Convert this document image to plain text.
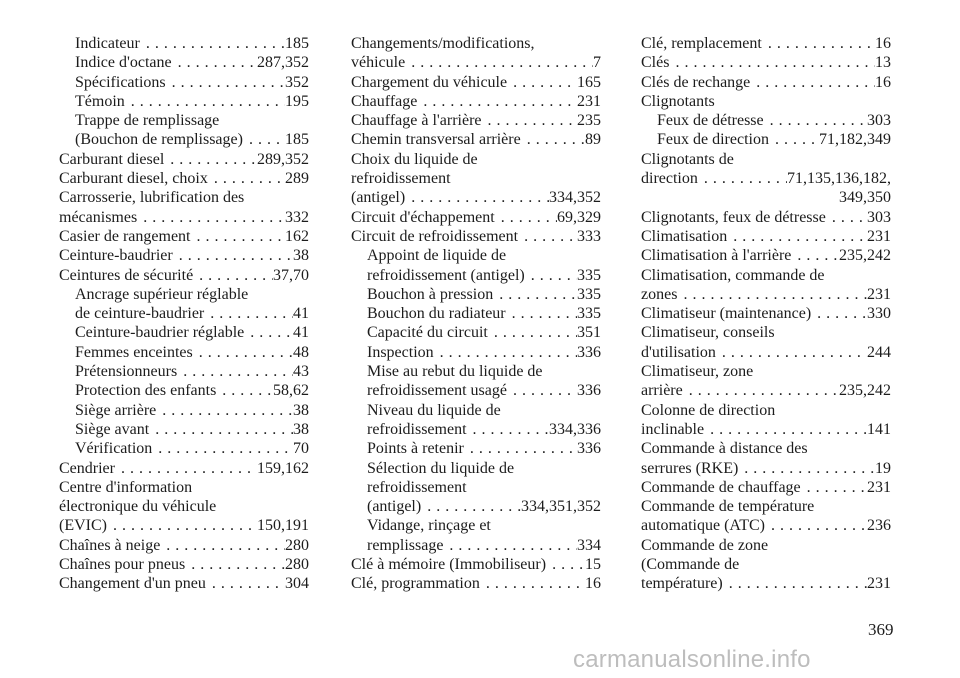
Indicateur . . .	185
Indice d'octane . . .	287,352
Spécifications . . .	352
Témoin . . .	195
Trappe de remplissage
(Bouchon de remplissage) . . .	185
Carburant diesel . . .	289,352
Carburant diesel, choix . . .	289
Carrosserie, lubrification des
mécanismes . . .	332
Casier de rangement . . .	162
Ceinture-baudrier . . .	38
Ceintures de sécurité . . .	37,70
Ancrage supérieur réglable
de ceinture-baudrier . . .	41
Ceinture-baudrier réglable . . .	41
Femmes enceintes . . .	48
Prétensionneurs . . .	43
Protection des enfants . . .	58,62
Siège arrière . . .	38
Siège avant . . .	38
Vérification . . .	70
Cendrier . . .	159,162
Centre d'information
électronique du véhicule
(EVIC) . . .	150,191
Chaînes à neige . . .	280
Chaînes pour pneus . . .	280
Changement d'un pneu . . .	304
Changements/modifications,
véhicule . . .	7
Chargement du véhicule . . .	165
Chauffage . . .	231
Chauffage à l'arrière . . .	235
Chemin transversal arrière . . .	89
Choix du liquide de
refroidissement
(antigel) . . .	334,352
Circuit d'échappement . . .	69,329
Circuit de refroidissement . . .	333
Appoint de liquide de
refroidissement (antigel) . . .	335
Bouchon à pression . . .	335
Bouchon du radiateur . . .	335
Capacité du circuit . . .	351
Inspection . . .	336
Mise au rebut du liquide de
refroidissement usagé . . .	336
Niveau du liquide de
refroidissement . . .	334,336
Points à retenir . . .	336
Sélection du liquide de
refroidissement
(antigel) . . .	334,351,352
Vidange, rinçage et
remplissage . . .	334
Clé à mémoire (Immobiliseur) . . . 15
Clé, programmation . . .	16
Clé, remplacement . . .	16
Clés . . .	13
Clés de rechange . . .	16
Clignotants
Feux de détresse . . .	303
Feux de direction . . .	71,182,349
Clignotants de
direction . . .	71,135,136,182,
349,350
Clignotants, feux de détresse . . .	303
Climatisation . . .	231
Climatisation à l'arrière . . .	235,242
Climatisation, commande de
zones . . .	231
Climatiseur (maintenance) . . .	330
Climatiseur, conseils
d'utilisation . . .	244
Climatiseur, zone
arrière . . .	235,242
Colonne de direction
inclinable . . .	141
Commande à distance des
serrures (RKE) . . .	19
Commande de chauffage . . .	231
Commande de température
automatique (ATC) . . .	236
Commande de zone
(Commande de
température) . . .	231
369
carmanualsonline.info
